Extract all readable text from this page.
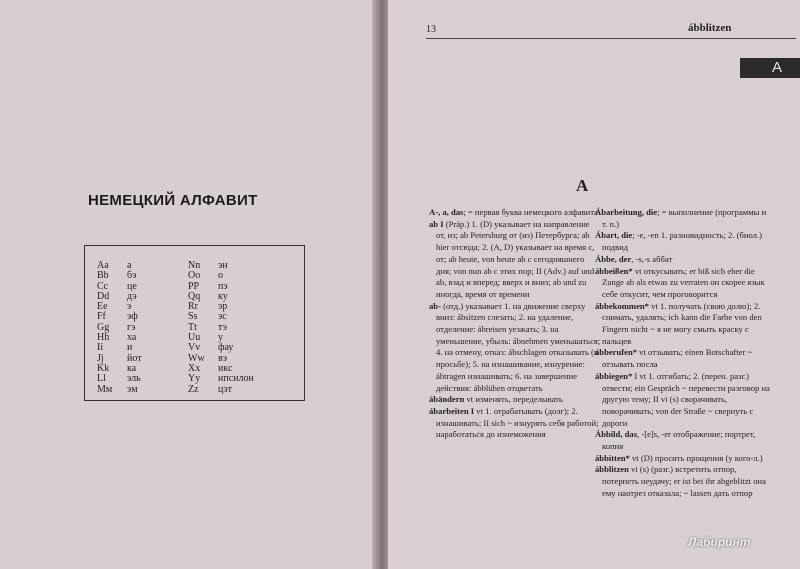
НЕМЕЦКИЙ АЛФАВИТ
Aa а
Bb бэ
Cc цe
Dd дэ
Ee э
Ff эф
Gg гэ
Hh ха
Ii и
Jj йот
Kk ка
Ll эль
Mм эм
Nn эн
Oo о
PP пэ
Qq ку
Rr эр
Ss эс
Tt тэ
Uu у
Vv фау
Ww вэ
Xx икс
Yy ипсилон
Zz цэт
13	ábblitzen
A
A

A-, a, das; = первая буква немецкого алфавита

ab I (Präp.) 1. (D) указывает на направление от, из; ab Petersburg от (из) Петербурга; ab hier отсюда; 2. (A, D) указывает на время с, от; ab heute, von heute ab с сегодняшнего дня; von nun ab с этих пор; II (Adv.) auf und ab, взад и вперед; вверх и вниз; ab und zu иногда, время от времени

ab- (отд.) указывает 1. на движение сверху вниз: ábsitzen слезать; 2. на удаление, отделение: ábreisen уезжать; 3. на уменьшение, убыль: ábnehmen уменьшаться; 4. на отмену, отказ: ábschlagen отказывать (в просьбе); 5. на изнашивание, изнурение: ábtragen изнашивать; 6. на завершение действия: ábblühen отцветать

ábändern vt изменять, переделывать

ábarbeiten I vt 1. отрабатывать (долг); 2. изнашивать; II sich ~ изнурять себя работой; наработаться до изнеможения

Ábarbeitung, die; = выполнение (программы и т. п.)

Ábart, die; -e, -en 1. разновидность; 2. (биол.) подвид

Ábbe, der, -s,-s аббат

ábbeißen* vt откусывать; er biß sich eher die Zunge ab als etwas zu verraten он скорее язык себе откусит, чем проговорится

ábbekommen* vt 1. получать (свою долю); 2. снимать, удалять; ich kann die Farbe von den Fingern nicht ~ я не могу смыть краску с пальцев

ábberufen* vt отзывать; einen Botschafter ~ отзывать посла

ábbiegen* I vt 1. отгибать; 2. (перен. разг.) отвести; ein Gespräch ~ перевести разговор на другую тему; II vi (s) сворачивать, поворачивать; von der Straße ~ свернуть с дороги

Ábbild, das, -[e]s, -er отображение; портрет, копия

ábbitten* vt (D) просить прощения (у кого-л.)

ábblitzen vi (s) (разг.) встретить отпор, потерпеть неудачу; er ist bei ihr abgeblitzt она ему наотрез отказала; ~ lassen дать отпор

Лабиринт
